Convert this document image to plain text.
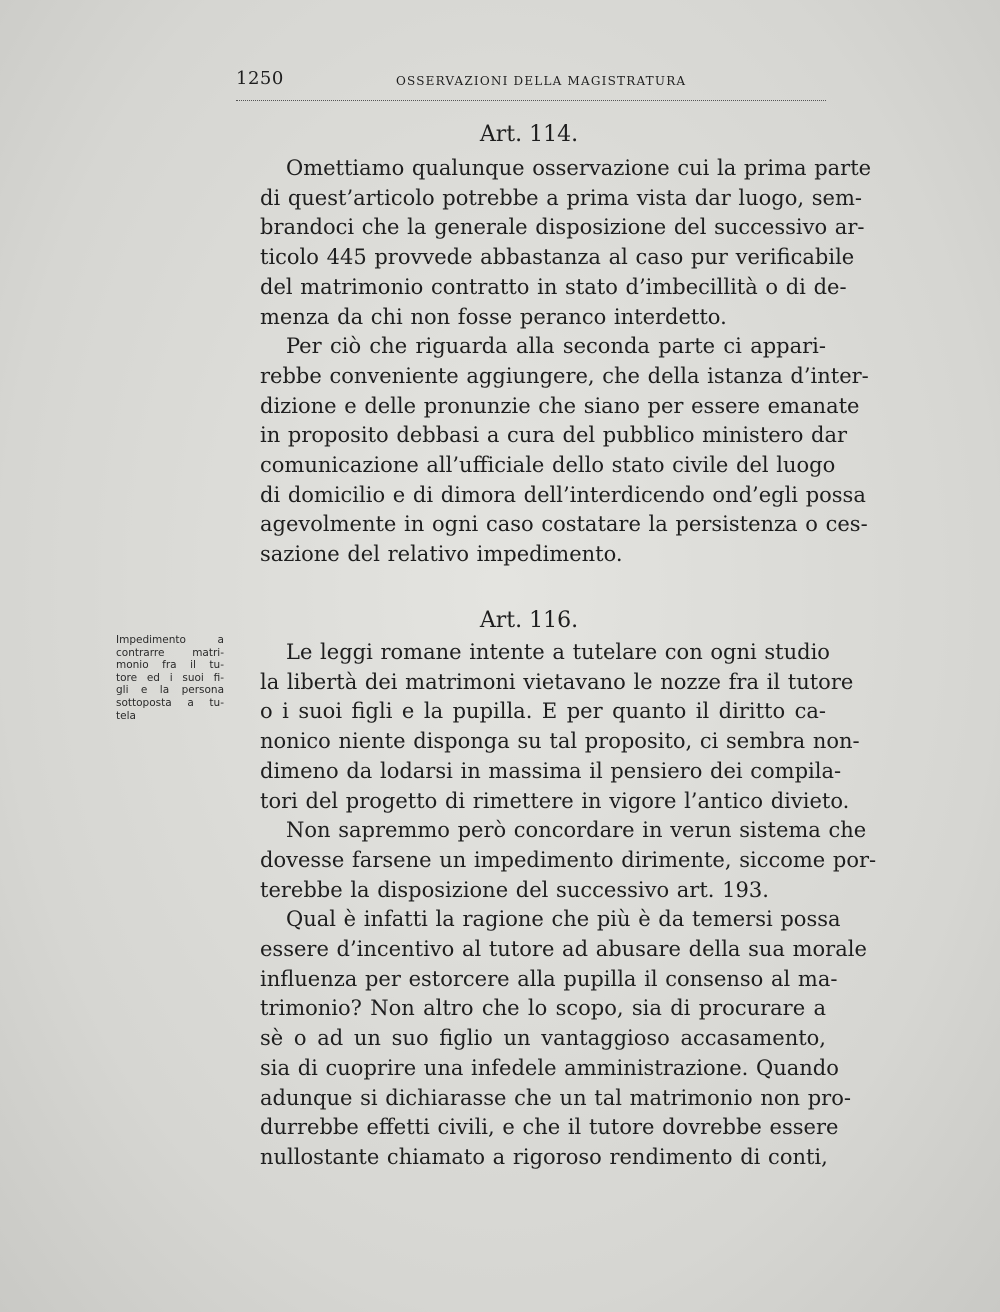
1250	OSSERVAZIONI DELLA MAGISTRATURA
Art. 114.

Omettiamo qualunque osservazione cui la prima parte
di quest’articolo potrebbe a prima vista dar luogo, sem-
brandoci che la generale disposizione del successivo ar-
ticolo 445 provvede abbastanza al caso pur verificabile
del matrimonio contratto in stato d’imbecillità o di de-
menza da chi non fosse peranco interdetto.

Per ciò che riguarda alla seconda parte ci appari-
rebbe conveniente aggiungere, che della istanza d’inter-
dizione e delle pronunzie che siano per essere emanate
in proposito debbasi a cura del pubblico ministero dar
comunicazione all’ufficiale dello stato civile del luogo
di domicilio e di dimora dell’interdicendo ond’egli possa
agevolmente in ogni caso costatare la persistenza o ces-
sazione del relativo impedimento.

Impedimento a
contrarre matri-
monio fra il tu-
tore ed i suoi fi-
gli e la persona
sottoposta a tu-
tela
Art. 116.

Le leggi romane intente a tutelare con ogni studio
la libertà dei matrimoni vietavano le nozze fra il tutore
o i suoi figli e la pupilla. E per quanto il diritto ca-
nonico niente disponga su tal proposito, ci sembra non-
dimeno da lodarsi in massima il pensiero dei compila-
tori del progetto di rimettere in vigore l’antico divieto.

Non sapremmo però concordare in verun sistema che
dovesse farsene un impedimento dirimente, siccome por-
terebbe la disposizione del successivo art. 193.

Qual è infatti la ragione che più è da temersi possa
essere d’incentivo al tutore ad abusare della sua morale
influenza per estorcere alla pupilla il consenso al ma-
trimonio? Non altro che lo scopo, sia di procurare a
sè o ad un suo figlio un vantaggioso accasamento,
sia di cuoprire una infedele amministrazione. Quando
adunque si dichiarasse che un tal matrimonio non pro-
durrebbe effetti civili, e che il tutore dovrebbe essere
nullostante chiamato a rigoroso rendimento di conti,
